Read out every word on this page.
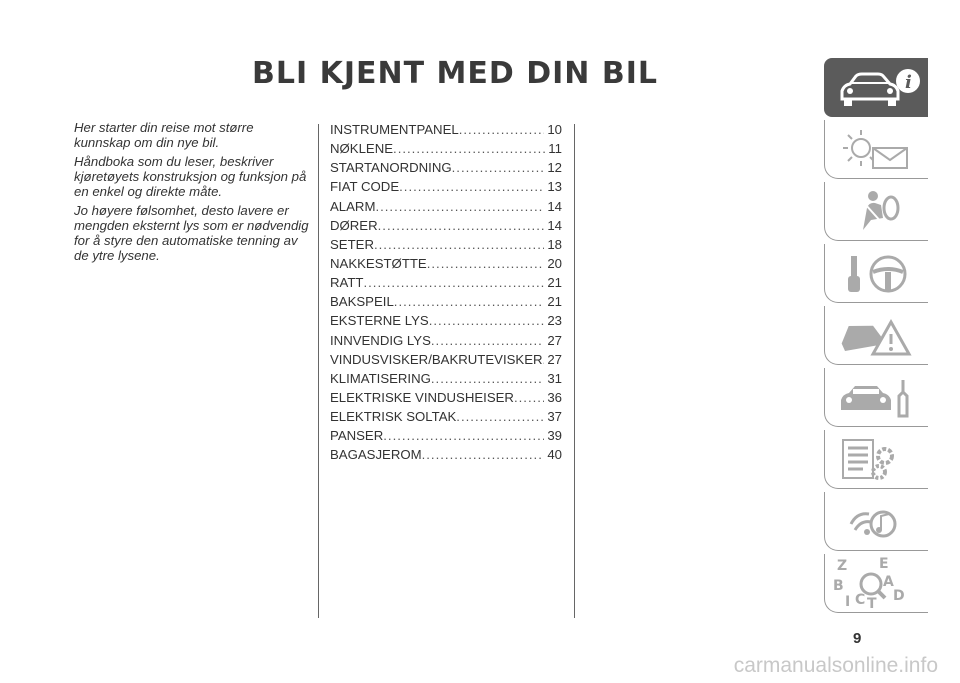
BLI KJENT MED DIN BIL

Her starter din reise mot større kunnskap om din nye bil.

Håndboka som du leser, beskriver kjøretøyets konstruksjon og funksjon på en enkel og direkte måte.

Jo høyere følsomhet, desto lavere er mengden eksternt lys som er nødvendig for å styre den automatiske tenning av de ytre lysene.

INSTRUMENTPANEL .....	10
NØKLENE .....	11
STARTANORDNING .....	12
FIAT CODE .....	13
ALARM .....	14
DØRER .....	14
SETER .....	18
NAKKESTØTTE .....	20
RATT .....	21
BAKSPEIL .....	21
EKSTERNE LYS .....	23
INNVENDIG LYS .....	27
VINDUSVISKER/BAKRUTEVISKER ..... 27
KLIMATISERING .....	31
ELEKTRISKE VINDUSHEISER .....	36
ELEKTRISK SOLTAK .....	37
PANSER .....	39
BAGASJEROM .....	40
i
Z E
B	A
D
I C T
9
carmanualsonline.info
